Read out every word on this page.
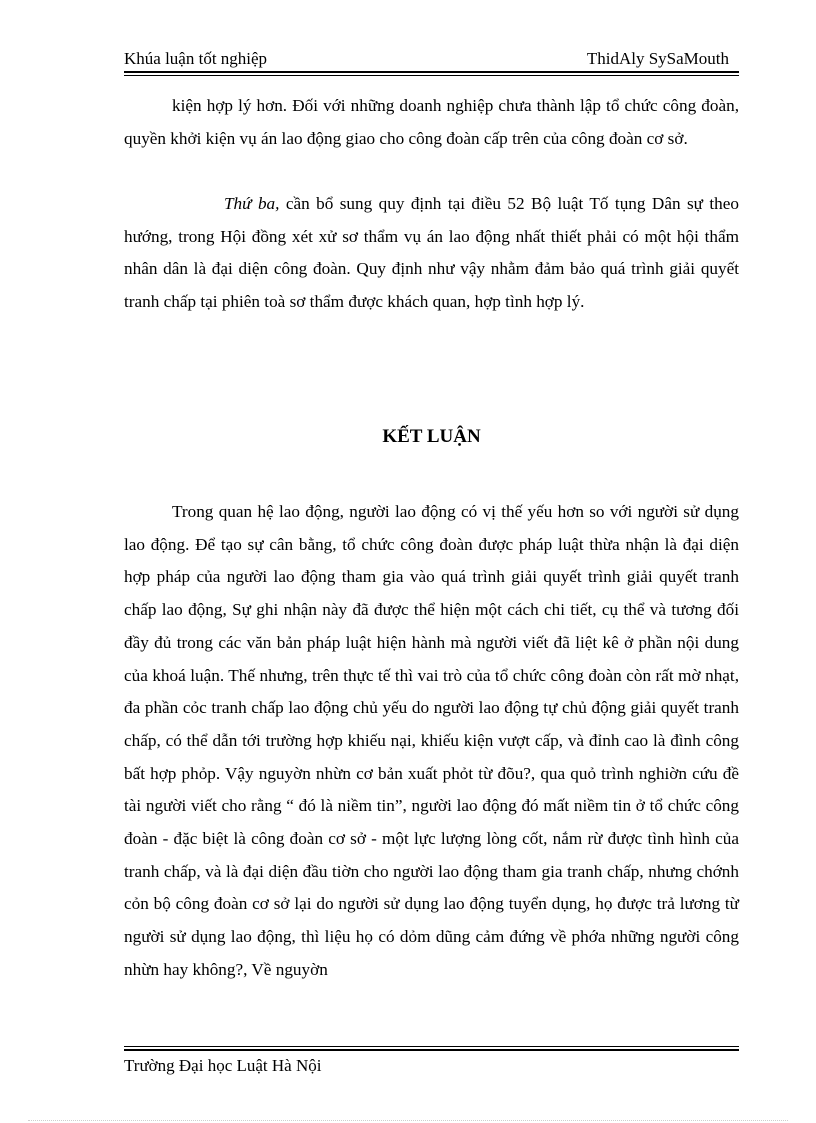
Khúa luận tốt nghiệp	ThidAly SySaMouth

kiện hợp lý hơn. Đối với những doanh nghiệp chưa thành lập tổ chức công đoàn, quyền khởi kiện vụ án lao động giao cho công đoàn cấp trên của công đoàn cơ sở.

Thứ ba, cần bổ sung quy định tại điều 52 Bộ luật Tố tụng Dân sự theo hướng, trong Hội đồng xét xử sơ thẩm vụ án lao động nhất thiết phải có một hội thẩm nhân dân là đại diện công đoàn. Quy định như vậy nhằm đảm bảo quá trình giải quyết tranh chấp tại phiên toà sơ thẩm được khách quan, hợp tình hợp lý.

KẾT LUẬN

Trong quan hệ lao động, người lao động có vị thế yếu hơn so với người sử dụng lao động. Để tạo sự cân bằng, tổ chức công đoàn được pháp luật thừa nhận là đại diện hợp pháp của người lao động tham gia vào quá trình giải quyết trình giải quyết tranh chấp lao động, Sự ghi nhận này đã được thể hiện một cách chi tiết, cụ thể và tương đối đầy đủ trong các văn bản pháp luật hiện hành mà người viết đã liệt kê ở phần nội dung của khoá luận. Thế nhưng, trên thực tế thì vai trò của tổ chức công đoàn còn rất mờ nhạt, đa phần cỏc tranh chấp lao động chủ yếu do người lao động tự chủ động giải quyết tranh chấp, có thể dẫn tới trường hợp khiếu nại, khiếu kiện vượt cấp, và đỉnh cao là đình công bất hợp phỏp. Vậy nguyờn nhừn cơ bản xuất phỏt từ đõu?, qua quỏ trình nghiờn cứu đề tài người viết cho rằng “ đó là niềm tin”, người lao động đó mất niềm tin ở tổ chức công đoàn - đặc biệt là công đoàn cơ sở - một lực lượng lòng cốt, nắm rừ được tình hình của tranh chấp, và là đại diện đầu tiờn cho người lao động tham gia tranh chấp, nhưng chớnh cỏn bộ công đoàn cơ sở lại do người sử dụng lao động tuyển dụng, họ được trả lương từ người sử dụng lao động, thì liệu họ có dỏm dũng cảm đứng về phớa những người công nhừn hay không?, Về nguyờn

Trường Đại học Luật Hà Nội
